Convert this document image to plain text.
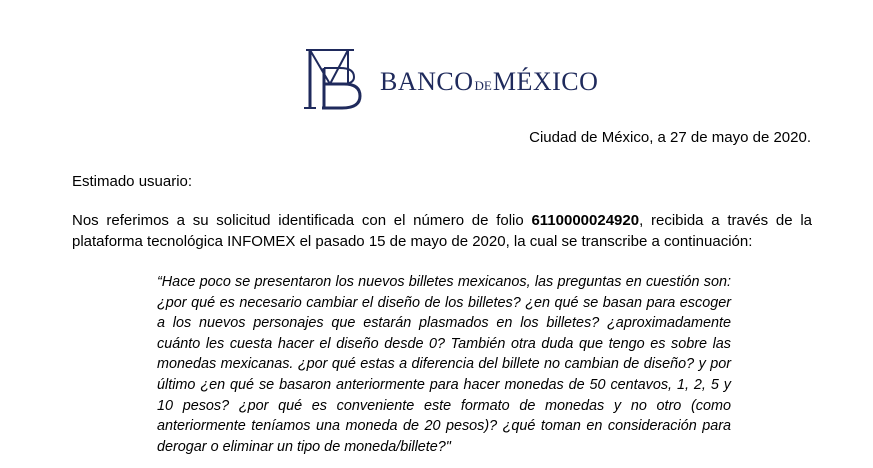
BANCO DE MÉXICO
Ciudad de México, a 27 de mayo de 2020.
Estimado usuario:

Nos referimos a su solicitud identificada con el número de folio 6110000024920, recibida a través de la plataforma tecnológica INFOMEX el pasado 15 de mayo de 2020, la cual se transcribe a continuación:

“Hace poco se presentaron los nuevos billetes mexicanos, las preguntas en cuestión son: ¿por qué es necesario cambiar el diseño de los billetes? ¿en qué se basan para escoger a los nuevos personajes que estarán plasmados en los billetes? ¿aproximadamente cuánto les cuesta hacer el diseño desde 0? También otra duda que tengo es sobre las monedas mexicanas. ¿por qué estas a diferencia del billete no cambian de diseño? y por último ¿en qué se basaron anteriormente para hacer monedas de 50 centavos, 1, 2, 5 y 10 pesos? ¿por qué es conveniente este formato de monedas y no otro (como anteriormente teníamos una moneda de 20 pesos)? ¿qué toman en consideración para derogar o eliminar un tipo de moneda/billete?"
